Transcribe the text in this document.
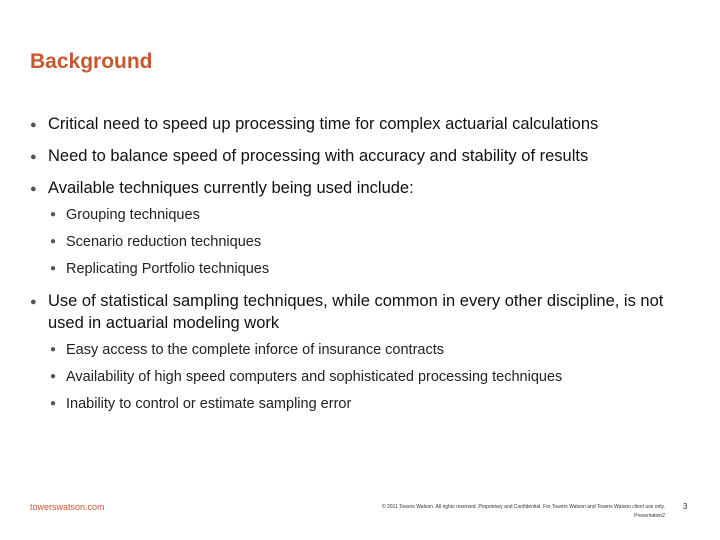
Background
● Critical need to speed up processing time for complex actuarial calculations
● Need to balance speed of processing with accuracy and stability of results
● Available techniques currently being used include:
● Grouping techniques
● Scenario reduction techniques
● Replicating Portfolio techniques
● Use of statistical sampling techniques, while common in every other discipline, is not used in actuarial modeling work
● Easy access to the complete inforce of insurance contracts
● Availability of high speed computers and sophisticated processing techniques
● Inability to control or estimate sampling error
towerswatson.com	© 2011 Towers Watson. All rights reserved. Proprietary and Confidential. For Towers Watson and Towers Watson client use only.
Presentation2
3
